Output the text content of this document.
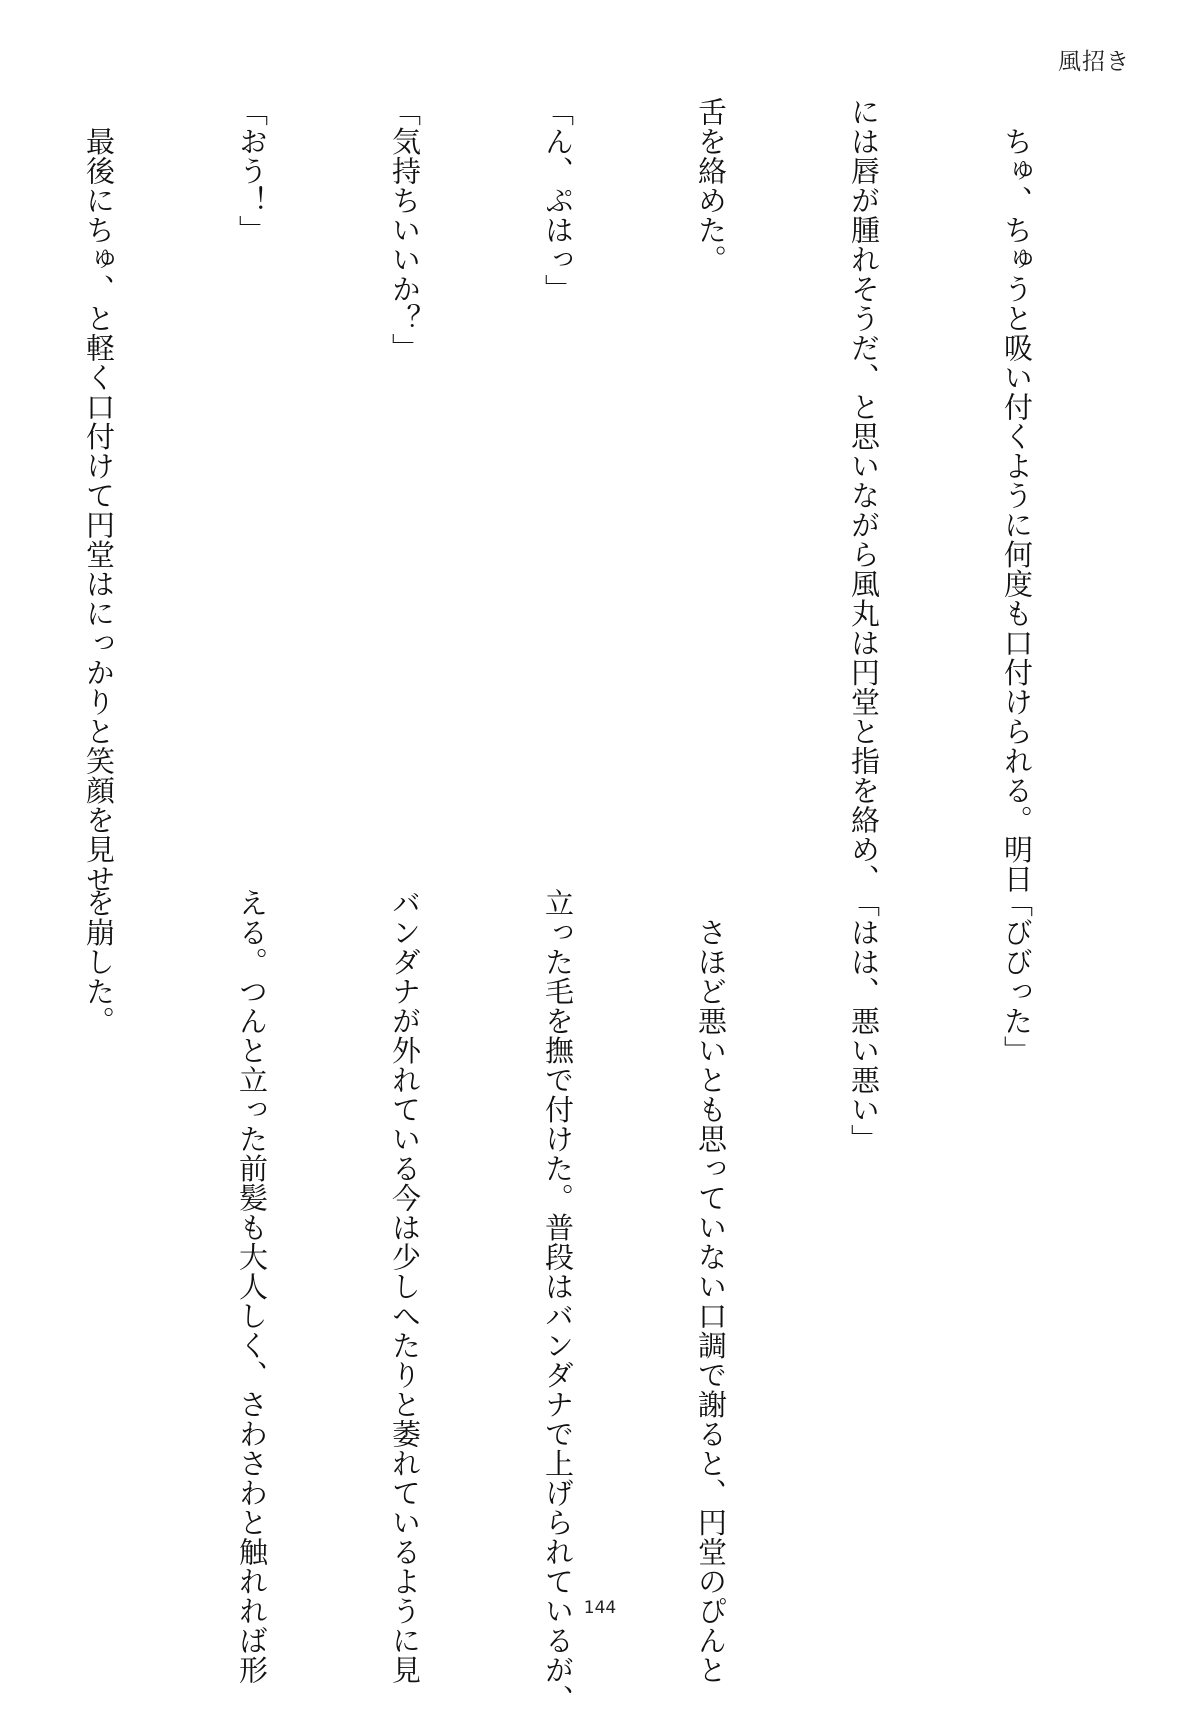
風招き

　ちゅ、ちゅうと吸い付くように何度も口付けられる。明日

には唇が腫れそうだ、と思いながら風丸は円堂と指を絡め、

舌を絡めた。

「ん、ぷはっ」

「気持ちいいか？」

「おう！」

　最後にちゅ、と軽く口付けて円堂はにっかりと笑顔を見せ

「びびった」

「はは、悪い悪い」

　さほど悪いとも思っていない口調で謝ると、円堂のぴんと

立った毛を撫で付けた。普段はバンダナで上げられているが、

バンダナが外れている今は少しへたりと萎れているように見

える。つんと立った前髪も大人しく、さわさわと触れれば形

を崩した。

144
